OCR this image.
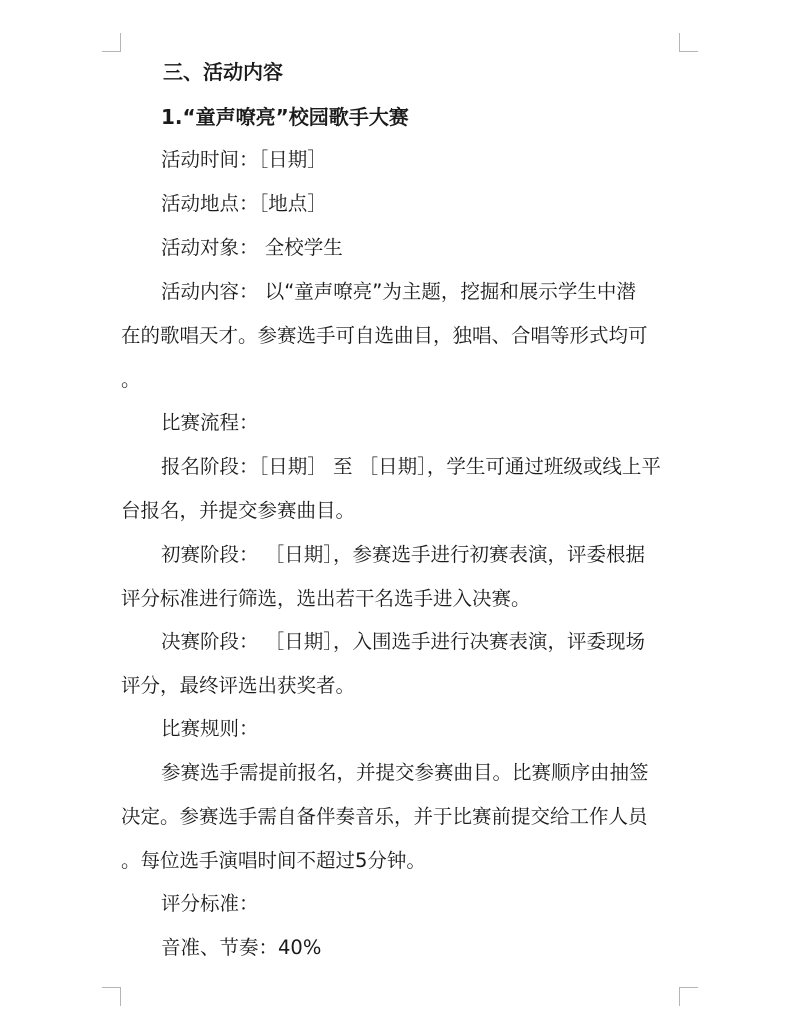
三、活动内容
1.“童声嘹亮”校园歌手大赛
活动时间：［日期］
活动地点：［地点］
活动对象： 全校学生
活动内容： 以“童声嘹亮”为主题，挖掘和展示学生中潜
在的歌唱天才。参赛选手可自选曲目，独唱、合唱等形式均可
。
比赛流程：
报名阶段：［日期］ 至 ［日期］，学生可通过班级或线上平
台报名，并提交参赛曲目。
初赛阶段： ［日期］，参赛选手进行初赛表演，评委根据
评分标准进行筛选，选出若干名选手进入决赛。
决赛阶段： ［日期］，入围选手进行决赛表演，评委现场
评分，最终评选出获奖者。
比赛规则：
参赛选手需提前报名，并提交参赛曲目。比赛顺序由抽签
决定。参赛选手需自备伴奏音乐，并于比赛前提交给工作人员
。每位选手演唱时间不超过5分钟。
评分标准：
音准、节奏：40%
